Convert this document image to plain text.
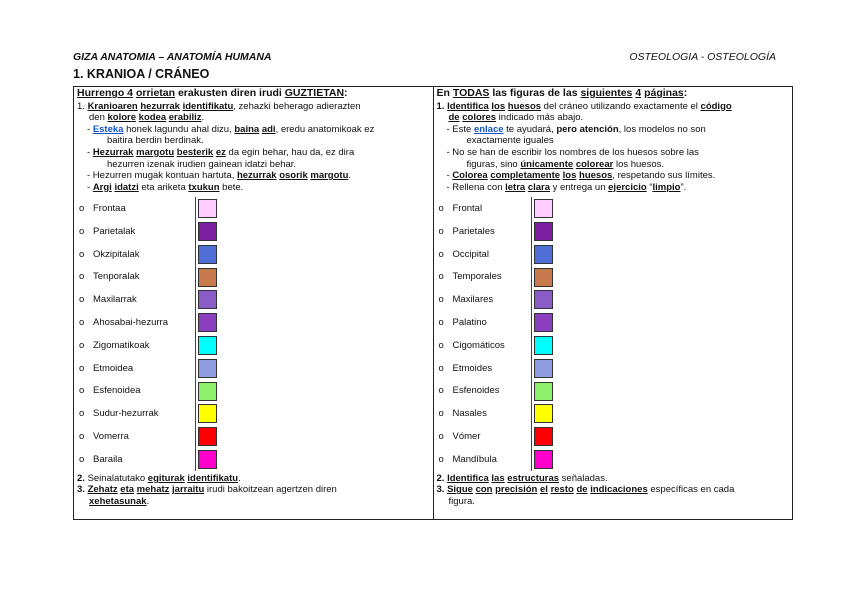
GIZA ANATOMIA – ANATOMÍA HUMANA	OSTEOLOGIA - OSTEOLOGÍA
1. KRANIOA / CRÁNEO
Hurrengo 4 orrietan erakusten diren irudi GUZTIETAN:
1. Kranioaren hezurrak identifikatu, zehazki beherago adierazten
den kolore kodea erabiliz.
- Esteka honek lagundu ahal dizu, baina adi, eredu anatomikoak ez
baitira berdin berdinak.
- Hezurrak margotu besterik ez da egin behar, hau da, ez dira
hezurren izenak irudien gainean idatzi behar.
- Hezurren mugak kontuan hartuta, hezurrak osorik margotu.
- Argi idatzi eta ariketa txukun bete.
o Frontaa
o Parietalak
o Okzipitalak
o Tenporalak
o Maxilarrak
o Ahosabai-hezurra
o Zigomatikoak
o Etmoidea
o Esfenoidea
o Sudur-hezurrak
o Vomerra
o Baraila
2. Seinalatutako egiturak identifikatu.
3. Zehatz eta mehatz jarraitu irudi bakoitzean agertzen diren
xehetasunak.

En TODAS las figuras de las siguientes 4 páginas:
1. Identifica los huesos del cráneo utilizando exactamente el código
de colores indicado más abajo.
- Este enlace te ayudará, pero atención, los modelos no son
exactamente iguales
- No se han de escribir los nombres de los huesos sobre las
figuras, sino únicamente colorear los huesos.
- Colorea completamente los huesos, respetando sus límites.
- Rellena con letra clara y entrega un ejercicio “limpio”.
o Frontal
o Parietales
o Occipital
o Temporales
o Maxilares
o Palatino
o Cigomáticos
o Etmoides
o Esfenoides
o Nasales
o Vómer
o Mandíbula
2. Identifica las estructuras señaladas.
3. Sigue con precisión el resto de indicaciones específicas en cada
figura.
